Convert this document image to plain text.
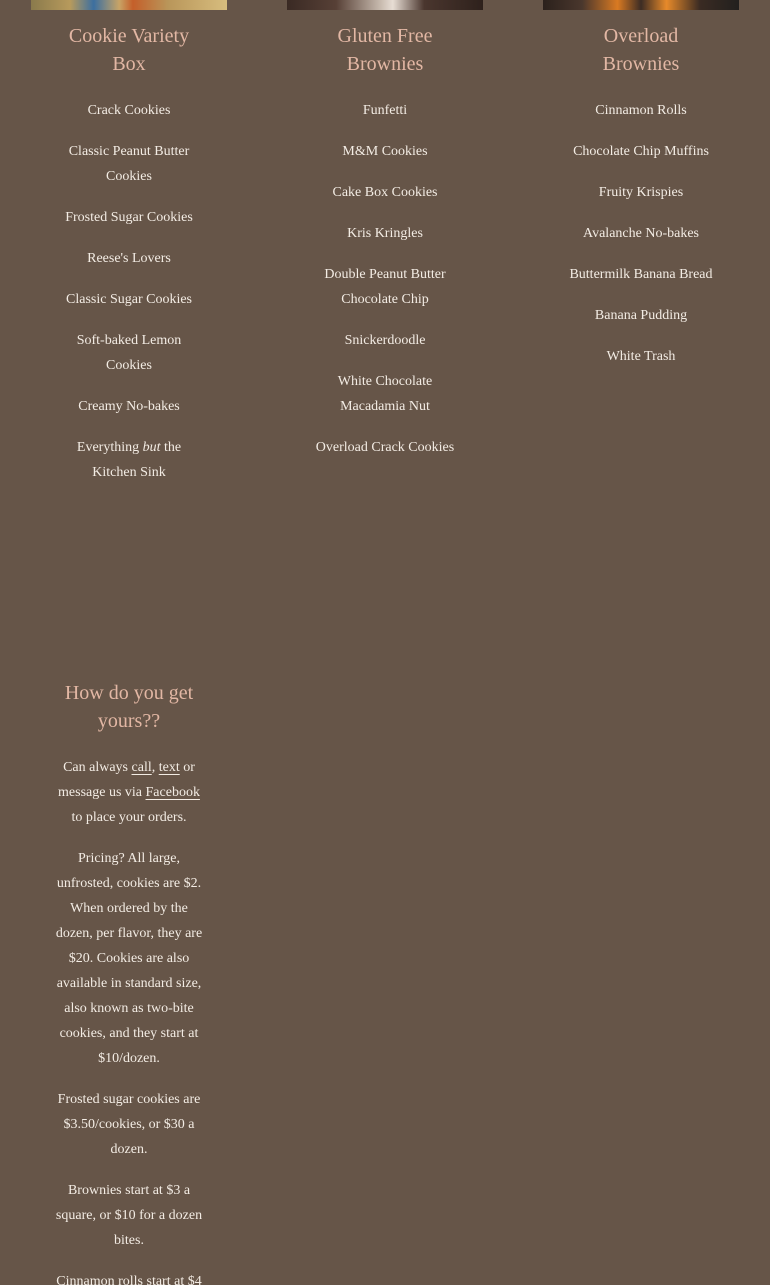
Cookie Variety Box

Crack Cookies

Classic Peanut Butter Cookies

Frosted Sugar Cookies

Reese's Lovers

Classic Sugar Cookies

Soft-baked Lemon Cookies

Creamy No-bakes

Everything but the Kitchen Sink

Gluten Free Brownies

Funfetti

M&M Cookies

Cake Box Cookies

Kris Kringles

Double Peanut Butter Chocolate Chip

Snickerdoodle

White Chocolate Macadamia Nut

Overload Crack Cookies

Overload Brownies

Cinnamon Rolls

Chocolate Chip Muffins

Fruity Krispies

Avalanche No-bakes

Buttermilk Banana Bread

Banana Pudding

White Trash

How do you get yours??

Can always call, text or message us via Facebook to place your orders.

Pricing? All large, unfrosted, cookies are $2. When ordered by the dozen, per flavor, they are $20. Cookies are also available in standard size, also known as two-bite cookies, and they start at $10/dozen.

Frosted sugar cookies are $3.50/cookies, or $30 a dozen.

Brownies start at $3 a square, or $10 for a dozen bites.

Cinnamon rolls start at $4
